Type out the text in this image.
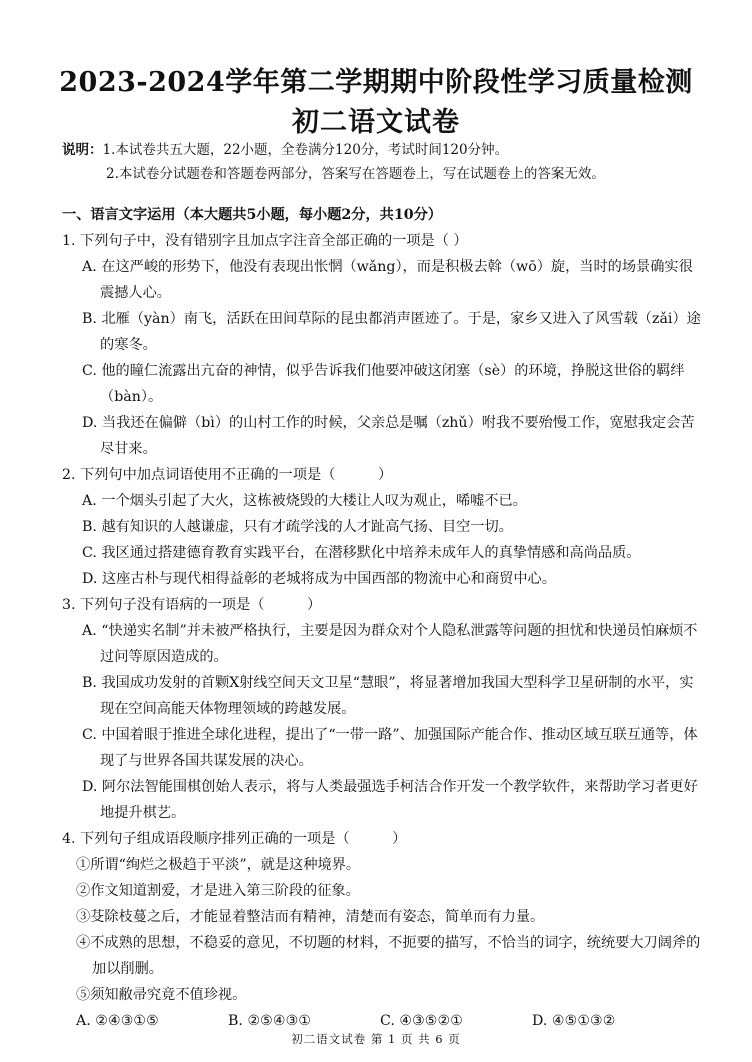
2023-2024学年第二学期期中阶段性学习质量检测
初二语文试卷
说明：1.本试卷共五大题，22小题，全卷满分120分，考试时间120分钟。
2.本试卷分试题卷和答题卷两部分，答案写在答题卷上，写在试题卷上的答案无效。
一、语言文字运用（本大题共5小题，每小题2分，共10分）
1. 下列句子中，没有错别字且加点字注音全部正确的一项是（ ）
A. 在这严峻的形势下，他没有表现出怅惘（wǎng），而是积极去斡（wō）旋，当时的场景确实很震撼人心。
B. 北雁（yàn）南飞，活跃在田间草际的昆虫都消声匿迹了。于是，家乡又进入了风雪载（zǎi）途的寒冬。
C. 他的瞳仁流露出亢奋的神情，似乎告诉我们他要冲破这闭塞（sè）的环境，挣脱这世俗的羁绊（bàn）。
D. 当我还在偏僻（bì）的山村工作的时候，父亲总是嘱（zhǔ）咐我不要殆慢工作，宽慰我定会苦尽甘来。
2. 下列句中加点词语使用不正确的一项是（　　　）
A. 一个烟头引起了大火，这栋被烧毁的大楼让人叹为观止，唏嘘不已。
B. 越有知识的人越谦虚，只有才疏学浅的人才趾高气扬、目空一切。
C. 我区通过搭建德育教育实践平台，在潜移默化中培养未成年人的真挚情感和高尚品质。
D. 这座古朴与现代相得益彰的老城将成为中国西部的物流中心和商贸中心。
3. 下列句子没有语病的一项是（　　　）
A. “快递实名制”并未被严格执行，主要是因为群众对个人隐私泄露等问题的担忧和快递员怕麻烦不过问等原因造成的。
B. 我国成功发射的首颗X射线空间天文卫星“慧眼”，将显著增加我国大型科学卫星研制的水平，实现在空间高能天体物理领域的跨越发展。
C. 中国着眼于推进全球化进程，提出了“一带一路”、加强国际产能合作、推动区域互联互通等，体现了与世界各国共谋发展的决心。
D. 阿尔法智能围棋创始人表示，将与人类最强选手柯洁合作开发一个教学软件，来帮助学习者更好地提升棋艺。
4. 下列句子组成语段顺序排列正确的一项是（　　　）
①所谓“绚烂之极趋于平淡”，就是这种境界。
②作文知道割爱，才是进入第三阶段的征象。
③芟除枝蔓之后，才能显着整洁而有精神，清楚而有姿态，简单而有力量。
④不成熟的思想，不稳妥的意见，不切题的材料，不扼要的描写，不恰当的词字，统统要大刀阔斧的加以削删。
⑤须知敝帚究竟不值珍视。
A. ②④③①⑤	B. ②⑤④③①	C. ④③⑤②①	D. ④⑤①③②
初二语文试卷 第 1 页 共 6 页
